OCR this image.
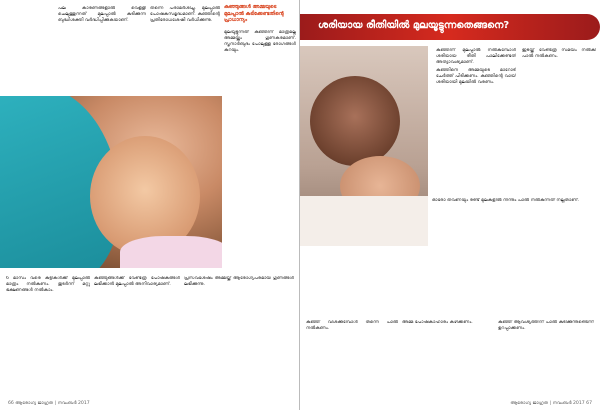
പല കാരണങ്ങളാൽ വെളളി ചെലുത്തുന്നത് മുലപ്പാൽ കുടിക്കുന്ന ബുദ്ധിശക്തി വർദ്ധിപ്പിക്കുകയാണ്.

തന്നെ പരാമർശിച്ചു. മുലപ്പാൽ പോഷകസമൃദ്ധമാണ്. കുഞ്ഞിന്റെ പ്രതിരോധശേഷി വർധിക്കുന്നു.

കുഞ്ഞുങ്ങൾ അമ്മയുടെ മുലപ്പാൽ കുടിക്കേണ്ടതിന്റെ പ്രാധാന്യം

മുലയൂട്ടുന്നത് കുഞ്ഞിന് മാത്രമല്ല അമ്മയ്ക്കും ഗുണകരമാണ്. സ്തനാർബുദം പോലുള്ള രോഗങ്ങൾ കുറയും.

6 മാസം വരെ കുട്ടികൾക്ക് മുലപ്പാൽ മാത്രം നൽകണം. തുടർന്ന് മറ്റു ഭക്ഷണങ്ങൾ നൽകാം.

കുഞ്ഞുങ്ങൾക്ക് വേണ്ടത്ര പോഷകങ്ങൾ ലഭിക്കാൻ മുലപ്പാൽ അനിവാര്യമാണ്.

പ്രസവശേഷം അമ്മയ്ക്ക് ആരോഗ്യപരമായ ഗുണങ്ങൾ ലഭിക്കുന്നു.

66 ആരോഗ്യ ജാഗ്രത | നവംബർ 2017
ശരിയായ രീതിയിൽ മുലയൂട്ടുന്നതെങ്ങനെ?

കുഞ്ഞിന് മുലപ്പാൽ നൽകുമ്പോൾ ശരിയായ രീതി പാലിക്കേണ്ടത് അത്യാവശ്യമാണ്.

കുഞ്ഞിനെ അമ്മയുടെ മാറോട് ചേർത്ത് പിടിക്കണം. കുഞ്ഞിന്റെ വായ് ശരിയായി മുലയിൽ വരണം.

ഇടയ്ക്ക് വേണ്ടത്ര സമയം നൽകി പാൽ നൽകണം.

ഓരോ തവണയും രണ്ട് മുലകളിൽ നിന്നും പാൽ നൽകുന്നത് നല്ലതാണ്.

കുഞ്ഞ് വിശക്കുമ്പോൾ തന്നെ പാൽ നൽകണം.

അമ്മ പോഷകാഹാരം കഴിക്കണം.	കുഞ്ഞ് ആവശ്യത്തിന് പാൽ കുടിക്കുന്നുണ്ടെന്ന് ഉറപ്പാക്കണം.

ആരോഗ്യ ജാഗ്രത | നവംബർ 2017 67
